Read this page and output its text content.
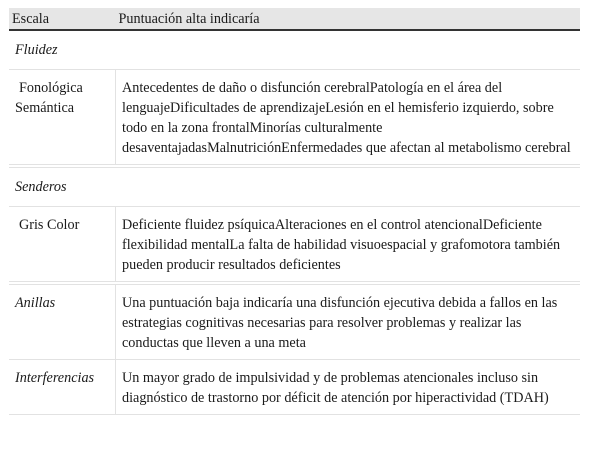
Escala	Puntuación alta indicaría
Fluidez	

Fonológica
Semántica	Antecedentes de daño o disfunción cerebralPatología en el área del lenguajeDificultades de aprendizajeLesión en el hemisferio izquierdo, sobre todo en la zona frontalMinorías culturalmente desaventajadasMalnutriciónEnfermedades que afectan al metabolismo cerebral

Senderos	
Gris Color	Deficiente fluidez psíquicaAlteraciones en el control atencionalDeficiente flexibilidad mentalLa falta de habilidad visuoespacial y grafomotora también pueden producir resultados deficientes

Anillas	Una puntuación baja indicaría una disfunción ejecutiva debida a fallos en las estrategias cognitivas necesarias para resolver problemas y realizar las conductas que lleven a una meta
Interferencias	Un mayor grado de impulsividad y de problemas atencionales incluso sin diagnóstico de trastorno por déficit de atención por hiperactividad (TDAH)
